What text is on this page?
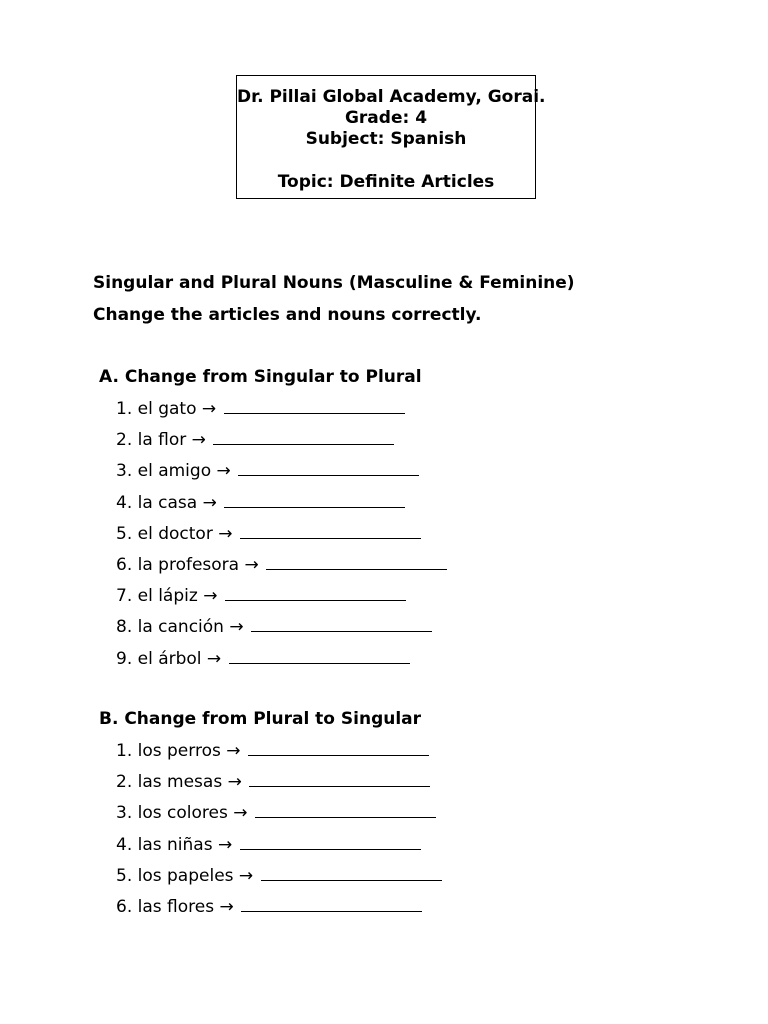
Dr. Pillai Global Academy, Gorai.
Grade: 4
Subject: Spanish
Topic: Definite Articles
Singular and Plural Nouns (Masculine & Feminine)
Change the articles and nouns correctly.
A. Change from Singular to Plural
1. el gato →
2. la flor →
3. el amigo →
4. la casa →
5. el doctor →
6. la profesora →
7. el lápiz →
8. la canción →
9. el árbol →
B. Change from Plural to Singular
1. los perros →
2. las mesas →
3. los colores →
4. las niñas →
5. los papeles →
6. las flores →
